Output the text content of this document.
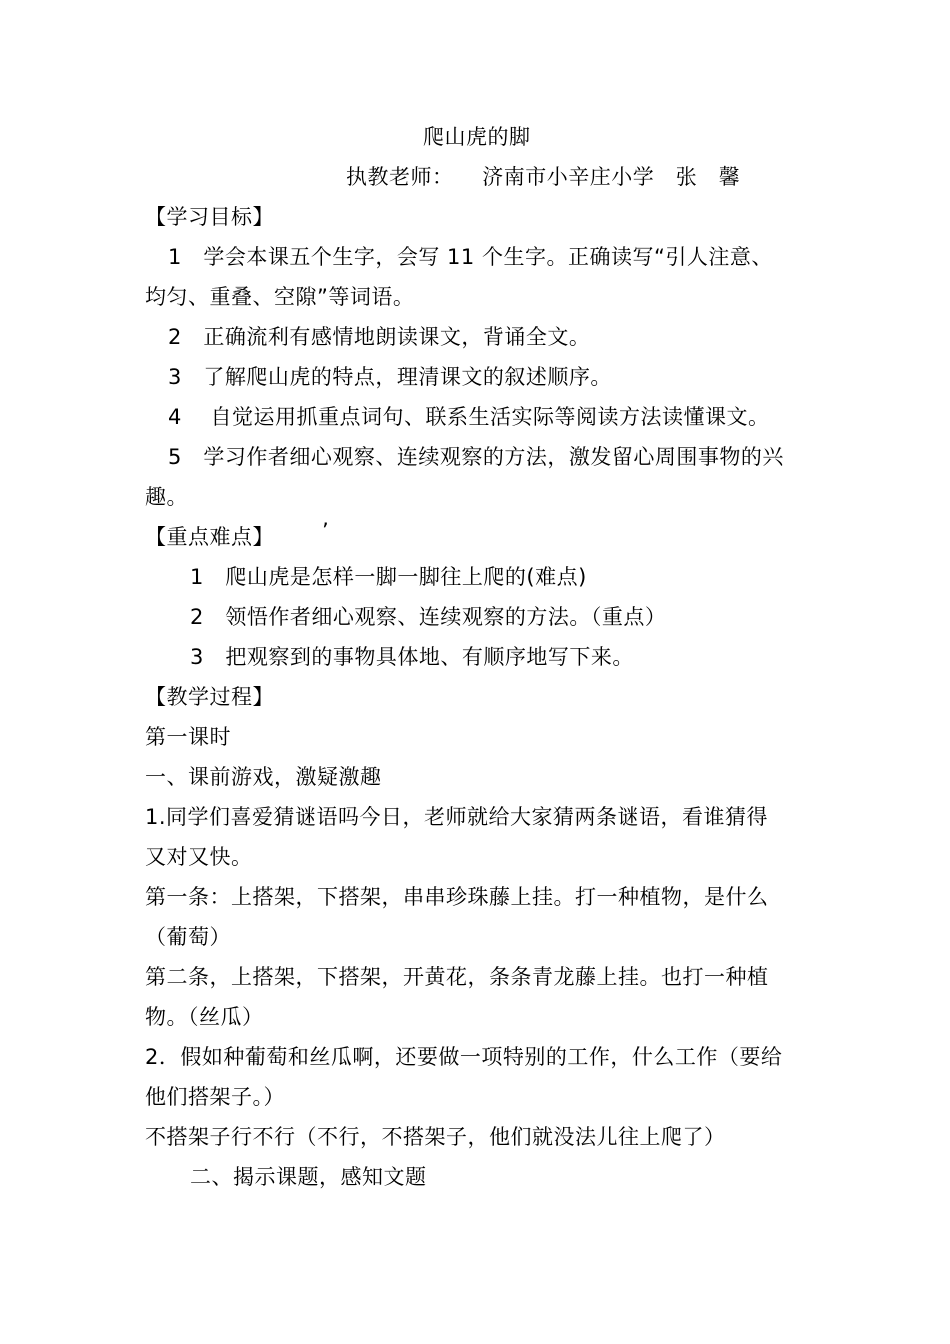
爬山虎的脚
执教老师：    济南市小辛庄小学   张   馨
【学习目标】
1   学会本课五个生字，会写 11 个生字。正确读写“引人注意、
均匀、重叠、空隙”等词语。
2   正确流利有感情地朗读课文，背诵全文。
3   了解爬山虎的特点，理清课文的叙述顺序。
4    自觉运用抓重点词句、联系生活实际等阅读方法读懂课文。
5   学习作者细心观察、连续观察的方法，激发留心周围事物的兴
趣。
【重点难点】 ’
1   爬山虎是怎样一脚一脚往上爬的(难点)
2   领悟作者细心观察、连续观察的方法。（重点）
3   把观察到的事物具体地、有顺序地写下来。
【教学过程】
第一课时
一、课前游戏，激疑激趣
1.同学们喜爱猜谜语吗今日，老师就给大家猜两条谜语，看谁猜得
又对又快。
第一条：上搭架，下搭架，串串珍珠藤上挂。打一种植物，是什么
（葡萄）
第二条，上搭架，下搭架，开黄花，条条青龙藤上挂。也打一种植
物。（丝瓜）
2．假如种葡萄和丝瓜啊，还要做一项特别的工作，什么工作（要给
他们搭架子。）
不搭架子行不行（不行，不搭架子，他们就没法儿往上爬了）
二、揭示课题，感知文题
